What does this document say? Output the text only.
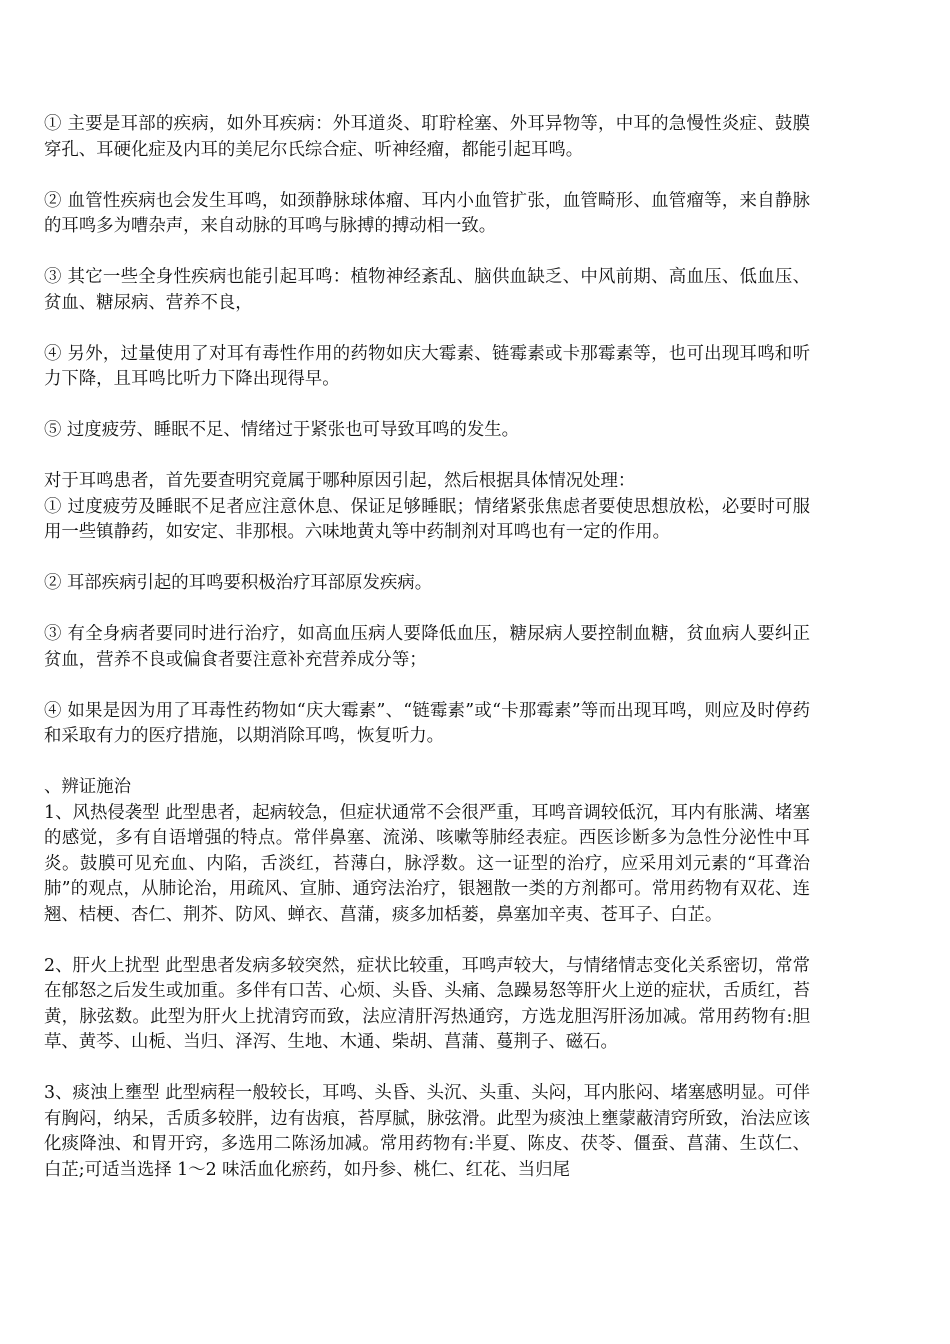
① 主要是耳部的疾病，如外耳疾病：外耳道炎、耵聍栓塞、外耳异物等，中耳的急慢性炎症、鼓膜穿孔、耳硬化症及内耳的美尼尔氏综合症、听神经瘤，都能引起耳鸣。
② 血管性疾病也会发生耳鸣，如颈静脉球体瘤、耳内小血管扩张，血管畸形、血管瘤等，来自静脉的耳鸣多为嘈杂声，来自动脉的耳鸣与脉搏的搏动相一致。
③ 其它一些全身性疾病也能引起耳鸣：植物神经紊乱、脑供血缺乏、中风前期、高血压、低血压、贫血、糖尿病、营养不良，
④ 另外，过量使用了对耳有毒性作用的药物如庆大霉素、链霉素或卡那霉素等，也可出现耳鸣和听力下降，且耳鸣比听力下降出现得早。
⑤ 过度疲劳、睡眠不足、情绪过于紧张也可导致耳鸣的发生。
对于耳鸣患者，首先要查明究竟属于哪种原因引起，然后根据具体情况处理：
① 过度疲劳及睡眠不足者应注意休息、保证足够睡眠；情绪紧张焦虑者要使思想放松，必要时可服用一些镇静药，如安定、非那根。六味地黄丸等中药制剂对耳鸣也有一定的作用。
② 耳部疾病引起的耳鸣要积极治疗耳部原发疾病。
③ 有全身病者要同时进行治疗，如高血压病人要降低血压，糖尿病人要控制血糖，贫血病人要纠正贫血，营养不良或偏食者要注意补充营养成分等；
④ 如果是因为用了耳毒性药物如“庆大霉素”、“链霉素”或“卡那霉素”等而出现耳鸣，则应及时停药和采取有力的医疗措施，以期消除耳鸣，恢复听力。
、辨证施治
1、风热侵袭型 此型患者，起病较急，但症状通常不会很严重，耳鸣音调较低沉，耳内有胀满、堵塞的感觉，多有自语增强的特点。常伴鼻塞、流涕、咳嗽等肺经表症。西医诊断多为急性分泌性中耳炎。鼓膜可见充血、内陷，舌淡红，苔薄白，脉浮数。这一证型的治疗，应采用刘元素的“耳聋治肺”的观点，从肺论治，用疏风、宣肺、通窍法治疗，银翘散一类的方剂都可。常用药物有双花、连翘、桔梗、杏仁、荆芥、防风、蝉衣、菖蒲，痰多加栝蒌，鼻塞加辛夷、苍耳子、白芷。
2、肝火上扰型 此型患者发病多较突然，症状比较重，耳鸣声较大，与情绪情志变化关系密切，常常在郁怒之后发生或加重。多伴有口苦、心烦、头昏、头痛、急躁易怒等肝火上逆的症状，舌质红，苔黄，脉弦数。此型为肝火上扰清窍而致，法应清肝泻热通窍，方选龙胆泻肝汤加减。常用药物有:胆草、黄芩、山栀、当归、泽泻、生地、木通、柴胡、菖蒲、蔓荆子、磁石。
3、痰浊上壅型 此型病程一般较长，耳鸣、头昏、头沉、头重、头闷，耳内胀闷、堵塞感明显。可伴有胸闷，纳呆，舌质多较胖，边有齿痕，苔厚腻，脉弦滑。此型为痰浊上壅蒙蔽清窍所致，治法应该化痰降浊、和胃开窍，多选用二陈汤加减。常用药物有:半夏、陈皮、茯苓、僵蚕、菖蒲、生苡仁、白芷;可适当选择 1～2 味活血化瘀药，如丹参、桃仁、红花、当归尾
